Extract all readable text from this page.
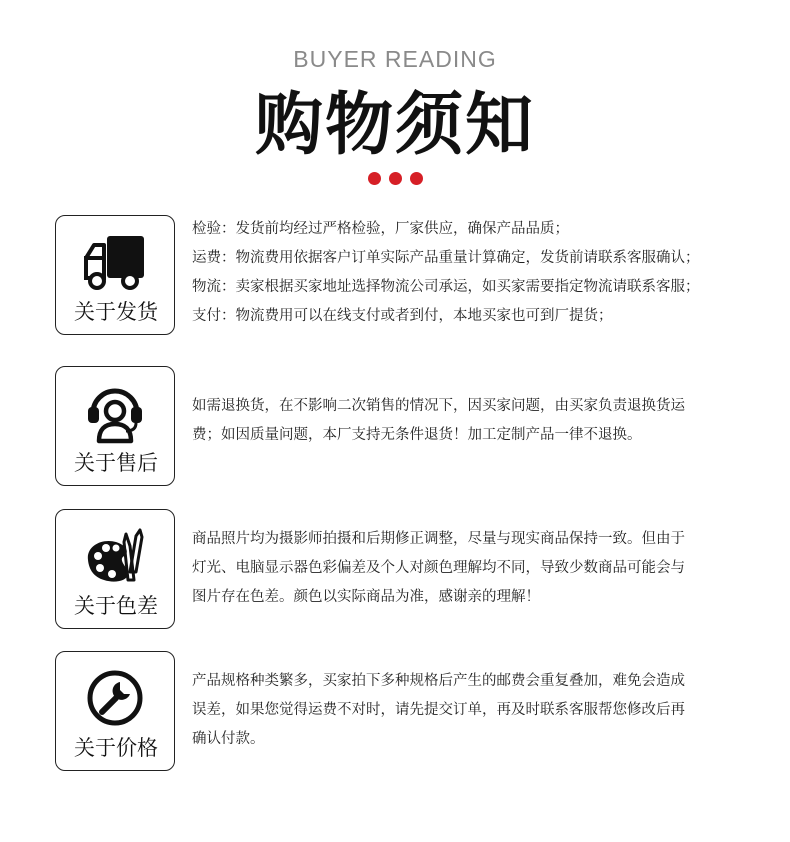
BUYER READING
购物须知
关于发货

检验：发货前均经过严格检验，厂家供应，确保产品品质；

运费：物流费用依据客户订单实际产品重量计算确定，发货前请联系客服确认；

物流：卖家根据买家地址选择物流公司承运，如买家需要指定物流请联系客服；

支付：物流费用可以在线支付或者到付，本地买家也可到厂提货；

关于售后

如需退换货，在不影响二次销售的情况下，因买家问题，由买家负责退换货运

费；如因质量问题，本厂支持无条件退货！加工定制产品一律不退换。

关于色差

商品照片均为摄影师拍摄和后期修正调整，尽量与现实商品保持一致。但由于

灯光、电脑显示器色彩偏差及个人对颜色理解均不同，导致少数商品可能会与

图片存在色差。颜色以实际商品为准，感谢亲的理解！

关于价格

产品规格种类繁多，买家拍下多种规格后产生的邮费会重复叠加，难免会造成

误差，如果您觉得运费不对时，请先提交订单，再及时联系客服帮您修改后再

确认付款。
